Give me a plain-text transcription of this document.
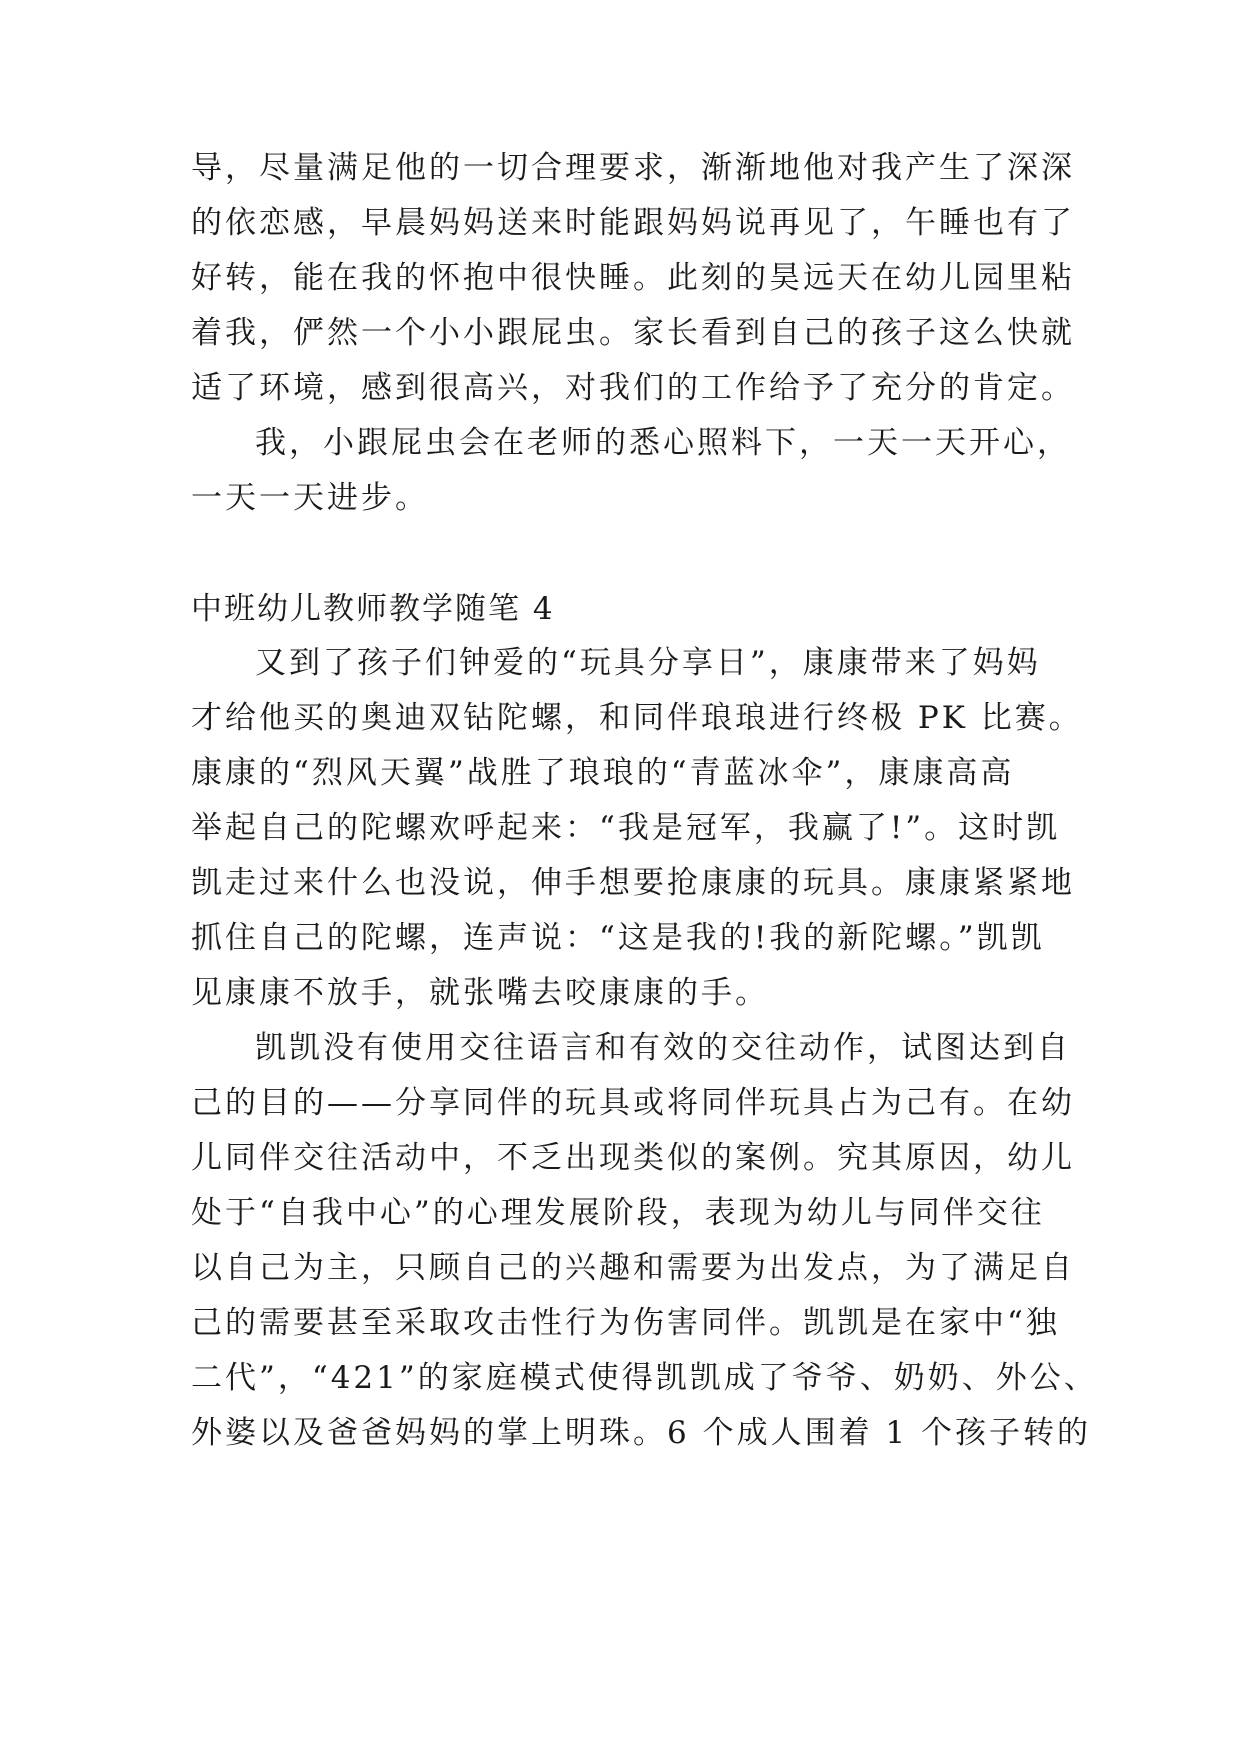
导，尽量满足他的一切合理要求，渐渐地他对我产生了深深
的依恋感，早晨妈妈送来时能跟妈妈说再见了，午睡也有了
好转，能在我的怀抱中很快睡。此刻的昊远天在幼儿园里粘
着我，俨然一个小小跟屁虫。家长看到自己的孩子这么快就
适了环境，感到很高兴，对我们的工作给予了充分的肯定。
我，小跟屁虫会在老师的悉心照料下，一天一天开心，
一天一天进步。
中班幼儿教师教学随笔 4
又到了孩子们钟爱的“玩具分享日”，康康带来了妈妈
才给他买的奥迪双钻陀螺，和同伴琅琅进行终极 PK 比赛。
康康的“烈风天翼”战胜了琅琅的“青蓝冰伞”，康康高高
举起自己的陀螺欢呼起来：“我是冠军，我赢了!”。这时凯
凯走过来什么也没说，伸手想要抢康康的玩具。康康紧紧地
抓住自己的陀螺，连声说：“这是我的!我的新陀螺。”凯凯
见康康不放手，就张嘴去咬康康的手。
凯凯没有使用交往语言和有效的交往动作，试图达到自
己的目的——分享同伴的玩具或将同伴玩具占为己有。在幼
儿同伴交往活动中，不乏出现类似的案例。究其原因，幼儿
处于“自我中心”的心理发展阶段，表现为幼儿与同伴交往
以自己为主，只顾自己的兴趣和需要为出发点，为了满足自
己的需要甚至采取攻击性行为伤害同伴。凯凯是在家中“独
二代”，“421”的家庭模式使得凯凯成了爷爷、奶奶、外公、
外婆以及爸爸妈妈的掌上明珠。6 个成人围着 1 个孩子转的
